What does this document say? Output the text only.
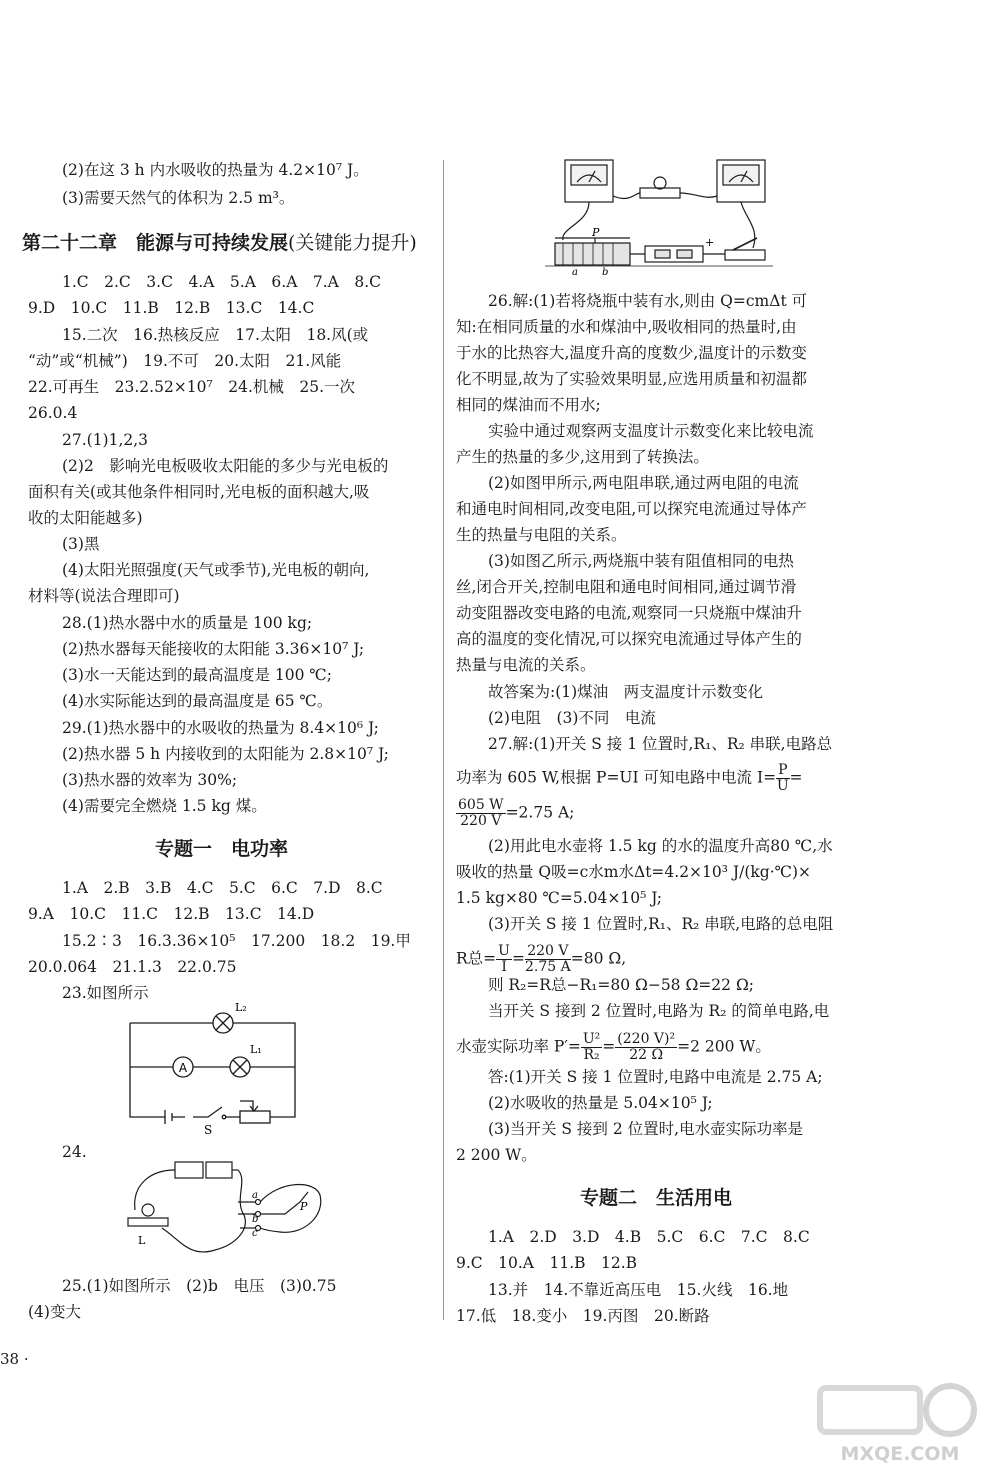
(2)在这 3 h 内水吸收的热量为 4.2×10⁷ J。
(3)需要天然气的体积为 2.5 m³。
第二十二章　能源与可持续发展(关键能力提升)
1.C　2.C　3.C　4.A　5.A　6.A　7.A　8.C
9.D　10.C　11.B　12.B　13.C　14.C
15.二次　16.热核反应　17.太阳　18.风(或
“动”或“机械”)　19.不可　20.太阳　21.风能
22.可再生　23.2.52×10⁷　24.机械　25.一次
26.0.4
27.(1)1,2,3
(2)2　影响光电板吸收太阳能的多少与光电板的
面积有关(或其他条件相同时,光电板的面积越大,吸
收的太阳能越多)
(3)黑
(4)太阳光照强度(天气或季节),光电板的朝向,
材料等(说法合理即可)
28.(1)热水器中水的质量是 100 kg;
(2)热水器每天能接收的太阳能 3.36×10⁷ J;
(3)水一天能达到的最高温度是 100 ℃;
(4)水实际能达到的最高温度是 65 ℃。
29.(1)热水器中的水吸收的热量为 8.4×10⁶ J;
(2)热水器 5 h 内接收到的太阳能为 2.8×10⁷ J;
(3)热水器的效率为 30%;
(4)需要完全燃烧 1.5 kg 煤。
专题一　电功率
1.A　2.B　3.B　4.C　5.C　6.C　7.D　8.C
9.A　10.C　11.C　12.B　13.C　14.D
15.2∶3　16.3.36×10⁵　17.200　18.2　19.甲
20.0.064　21.1.3　22.0.75
23.如图所示
A
L₂
L₁
S
24.
a
b
c
P
L
25.(1)如图所示　(2)b　电压　(3)0.75
(4)变大
P
a b
+
26.解:(1)若将烧瓶中装有水,则由 Q=cmΔt 可
知:在相同质量的水和煤油中,吸收相同的热量时,由
于水的比热容大,温度升高的度数少,温度计的示数变
化不明显,故为了实验效果明显,应选用质量和初温都
相同的煤油而不用水;
实验中通过观察两支温度计示数变化来比较电流
产生的热量的多少,这用到了转换法。
(2)如图甲所示,两电阻串联,通过两电阻的电流
和通电时间相同,改变电阻,可以探究电流通过导体产
生的热量与电阻的关系。
(3)如图乙所示,两烧瓶中装有阻值相同的电热
丝,闭合开关,控制电阻和通电时间相同,通过调节滑
动变阻器改变电路的电流,观察同一只烧瓶中煤油升
高的温度的变化情况,可以探究电流通过导体产生的
热量与电流的关系。
故答案为:(1)煤油　两支温度计示数变化
(2)电阻　(3)不同　电流
27.解:(1)开关 S 接 1 位置时,R₁、R₂ 串联,电路总
功率为 605 W,根据 P=UI 可知电路中电流 $I= \frac{P}{U}$ =
$\frac{605 W}{220 V} =2.75$ A;
(2)用此电水壶将 1.5 kg 的水的温度升高80 ℃,水
吸收的热量 Q吸=c水m水Δt=4.2×10³ J/(kg·℃)×
1.5 kg×80 ℃=5.04×10⁵ J;
(3)开关 S 接 1 位置时,R₁、R₂ 串联,电路的总电阻
R总= $\frac{U}{I} = \frac{220 V}{2.75 A} =80$ Ω,
则 R₂=R总−R₁=80 Ω−58 Ω=22 Ω;
当开关 S 接到 2 位置时,电路为 R₂ 的简单电路,电
水壶实际功率 $P'= \frac{\text{U²}}{\text{R₂}} = \frac{\text{(220 V)²}}{22 \Omega} =2$ 200 W。
答:(1)开关 S 接 1 位置时,电路中电流是 2.75 A;
(2)水吸收的热量是 5.04×10⁵ J;
(3)当开关 S 接到 2 位置时,电水壶实际功率是
2 200 W。
专题二　生活用电
1.A　2.D　3.D　4.B　5.C　6.C　7.C　8.C
9.C　10.A　11.B　12.B
13.并　14.不靠近高压电　15.火线　16.地
17.低　18.变小　19.丙图　20.断路
38 ·
MXQE.COM
